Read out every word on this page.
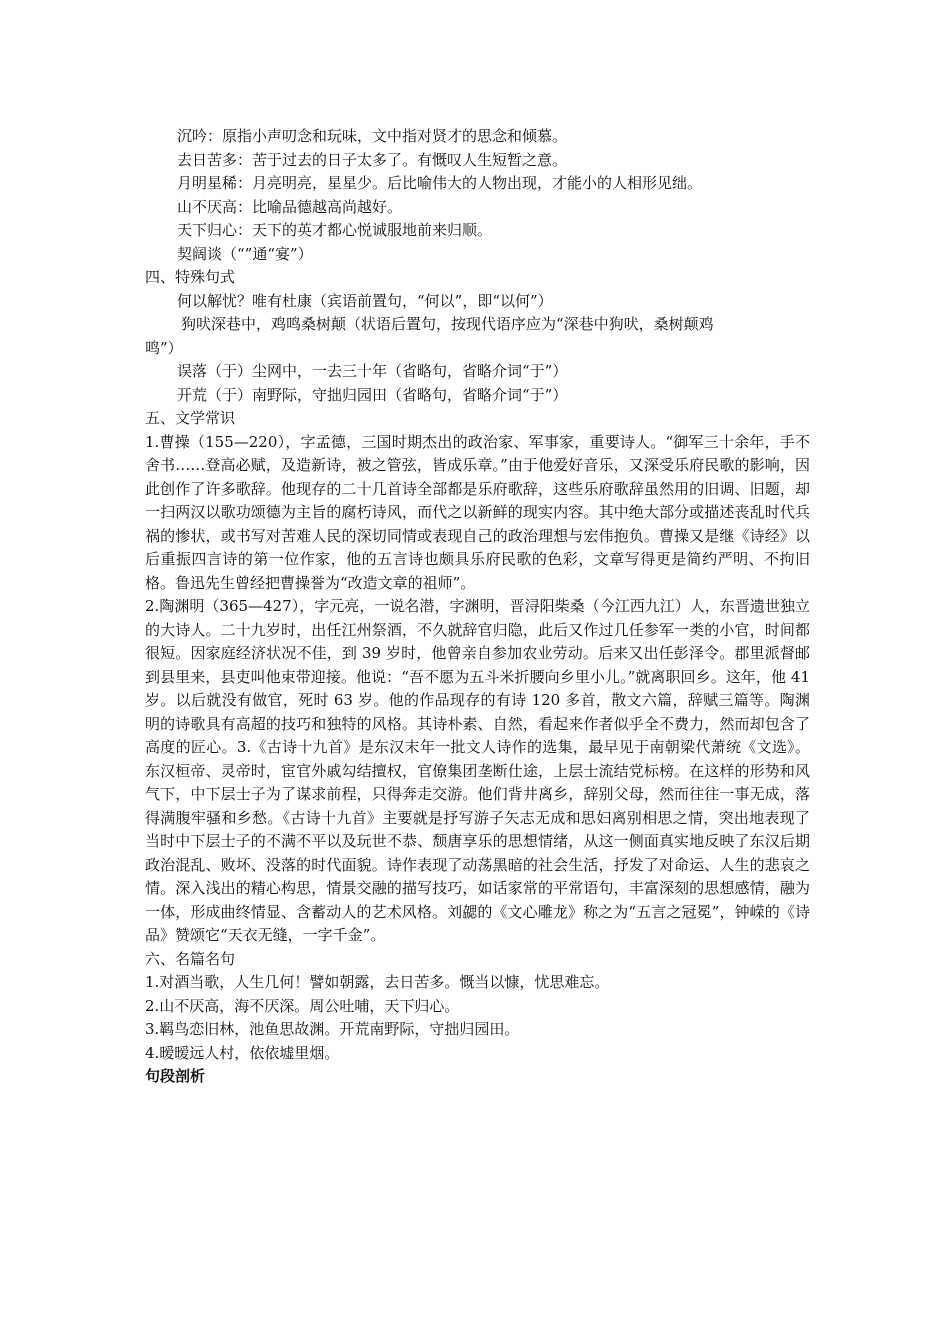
沉吟：原指小声叨念和玩味，文中指对贤才的思念和倾慕。
去日苦多：苦于过去的日子太多了。有慨叹人生短暂之意。
月明星稀：月亮明亮，星星少。后比喻伟大的人物出现，才能小的人相形见绌。
山不厌高：比喻品德越高尚越好。
天下归心：天下的英才都心悦诚服地前来归顺。
契阔谈（“”通“宴”）
四、特殊句式
何以解忧？唯有杜康（宾语前置句，“何以”，即“以何”）
狗吠深巷中，鸡鸣桑树颠（状语后置句，按现代语序应为“深巷中狗吠，桑树颠鸡
鸣”）
误落（于）尘网中，一去三十年（省略句，省略介词“于”）
开荒（于）南野际，守拙归园田（省略句，省略介词“于”）
五、文学常识
1.曹操（155—220），字孟德，三国时期杰出的政治家、军事家，重要诗人。“御军三十余年，手不舍书……登高必赋，及造新诗，被之管弦，皆成乐章。”由于他爱好音乐，又深受乐府民歌的影响，因此创作了许多歌辞。他现存的二十几首诗全部都是乐府歌辞，这些乐府歌辞虽然用的旧调、旧题，却一扫两汉以歌功颂德为主旨的腐朽诗风，而代之以新鲜的现实内容。其中绝大部分或描述丧乱时代兵祸的惨状，或书写对苦难人民的深切同情或表现自己的政治理想与宏伟抱负。曹操又是继《诗经》以后重振四言诗的第一位作家，他的五言诗也颇具乐府民歌的色彩，文章写得更是简约严明、不拘旧格。鲁迅先生曾经把曹操誉为“改造文章的祖师”。
2.陶渊明（365—427），字元亮，一说名潜，字渊明，晋浔阳柴桑（今江西九江）人，东晋遗世独立的大诗人。二十九岁时，出任江州祭酒，不久就辞官归隐，此后又作过几任参军一类的小官，时间都很短。因家庭经济状况不佳，到 39 岁时，他曾亲自参加农业劳动。后来又出任彭泽令。郡里派督邮到县里来，县吏叫他束带迎接。他说：“吾不愿为五斗米折腰向乡里小儿。”就离职回乡。这年，他 41 岁。以后就没有做官，死时 63 岁。他的作品现存的有诗 120 多首，散文六篇，辞赋三篇等。陶渊明的诗歌具有高超的技巧和独特的风格。其诗朴素、自然，看起来作者似乎全不费力，然而却包含了高度的匠心。3.《古诗十九首》是东汉末年一批文人诗作的选集，最早见于南朝梁代萧统《文选》。东汉桓帝、灵帝时，宦官外戚勾结擅权，官僚集团垄断仕途，上层士流结党标榜。在这样的形势和风气下，中下层士子为了谋求前程，只得奔走交游。他们背井离乡，辞别父母，然而往往一事无成，落得满腹牢骚和乡愁。《古诗十九首》主要就是抒写游子矢志无成和思妇离别相思之情，突出地表现了当时中下层士子的不满不平以及玩世不恭、颓唐享乐的思想情绪，从这一侧面真实地反映了东汉后期政治混乱、败坏、没落的时代面貌。诗作表现了动荡黑暗的社会生活，抒发了对命运、人生的悲哀之情。深入浅出的精心构思，情景交融的描写技巧，如话家常的平常语句，丰富深刻的思想感情，融为一体，形成曲终情显、含蓄动人的艺术风格。刘勰的《文心雕龙》称之为“五言之冠冕”，钟嵘的《诗品》赞颂它“天衣无缝，一字千金”。
六、名篇名句
1.对酒当歌，人生几何！譬如朝露，去日苦多。慨当以慷，忧思难忘。
2.山不厌高，海不厌深。周公吐哺，天下归心。
3.羁鸟恋旧林，池鱼思故渊。开荒南野际，守拙归园田。
4.暧暧远人村，依依墟里烟。
句段剖析
